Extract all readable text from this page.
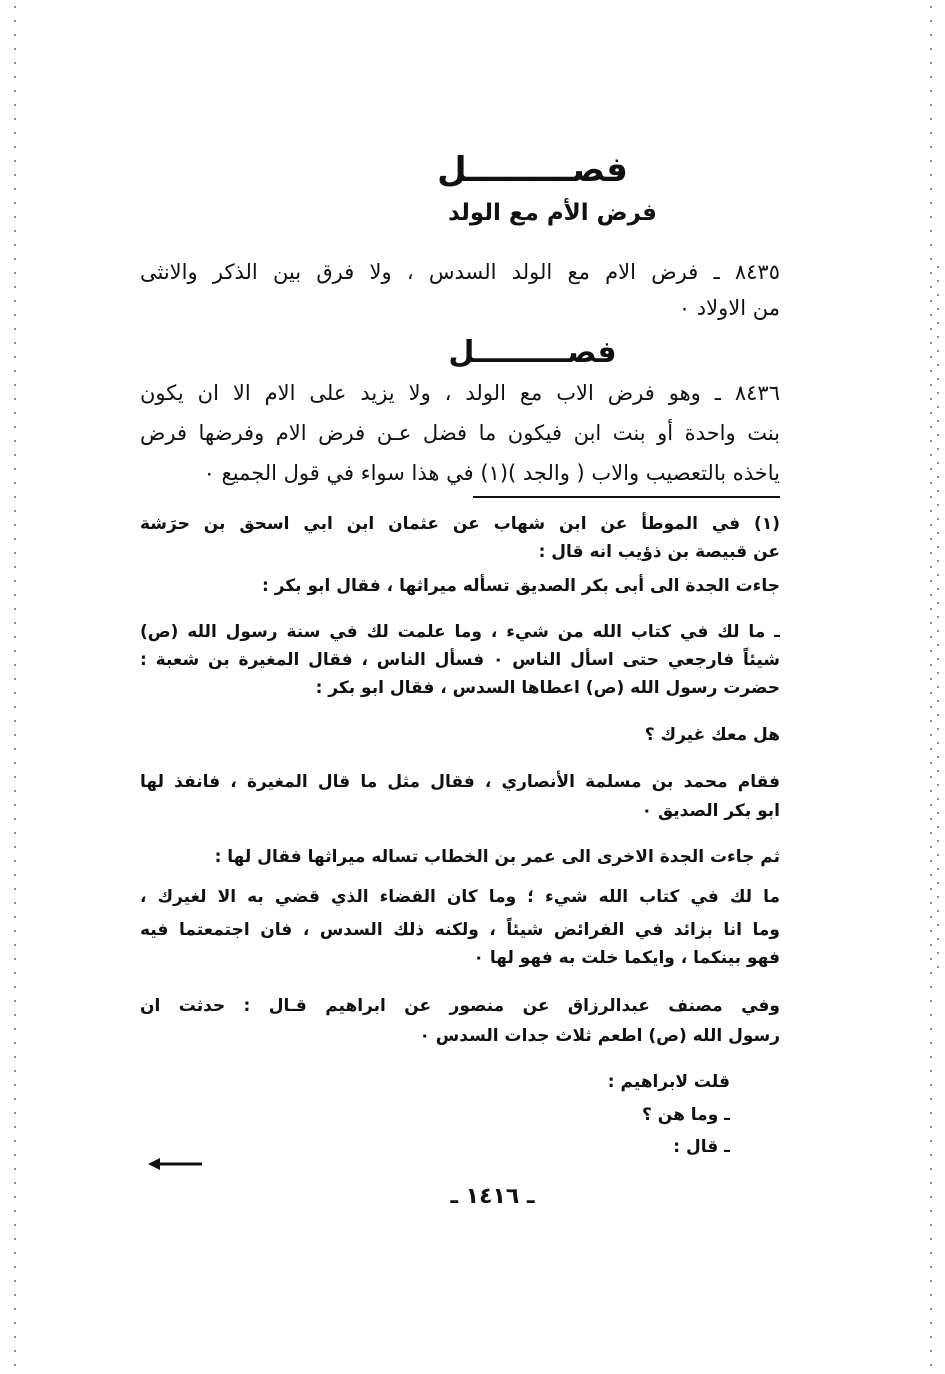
فصـــــــــل
فرض الأم مع الولد
٨٤٣٥ ـ فرض الام مع الولد السدس ، ولا فرق بين الذكر والانثى
من الاولاد ٠
فصـــــــــل
٨٤٣٦ ـ وهو فرض الاب مع الولد ، ولا يزيد على الام الا ان يكون
بنت واحدة أو بنت ابن فيكون ما فضل عـن فرض الام وفرضها فرض
ياخذه بالتعصيب والاب ( والجد )(١) في هذا سواء في قول الجميع ٠
(١) في الموطأ عن ابن شهاب عن عثمان ابن ابي اسحق بن حرَشة
عن قبيصة بن ذؤيب انه قال :
جاءت الجدة الى أبى بكر الصديق تسأله ميراثها ، فقال ابو بكر :
ـ ما لك في كتاب الله من شيء ، وما علمت لك في سنة رسول الله (ص)
شيئاً فارجعي حتى اسأل الناس ٠ فسأل الناس ، فقال المغيرة بن شعبة :
حضرت رسول الله (ص) اعطاها السدس ، فقال ابو بكر :
هل معك غيرك ؟
فقام محمد بن مسلمة الأنصاري ، فقال مثل ما قال المغيرة ، فانفذ لها
ابو بكر الصديق ٠
ثم جاءت الجدة الاخرى الى عمر بن الخطاب تساله ميراثها فقال لها :
ما لك في كتاب الله شيء ؛ وما كان القضاء الذي قضي به الا لغيرك ،
وما انا بزائد في الفرائض شيئاً ، ولكنه ذلك السدس ، فان اجتمعتما فيه
فهو بينكما ، وايكما خلت به فهو لها ٠
وفي مصنف عبدالرزاق عن منصور عن ابراهيم قـال : حدثت ان
رسول الله (ص) اطعم ثلاث جدات السدس ٠
قلت لابراهيم :
ـ وما هن ؟
ـ قال :
ـ ١٤١٦ ـ
